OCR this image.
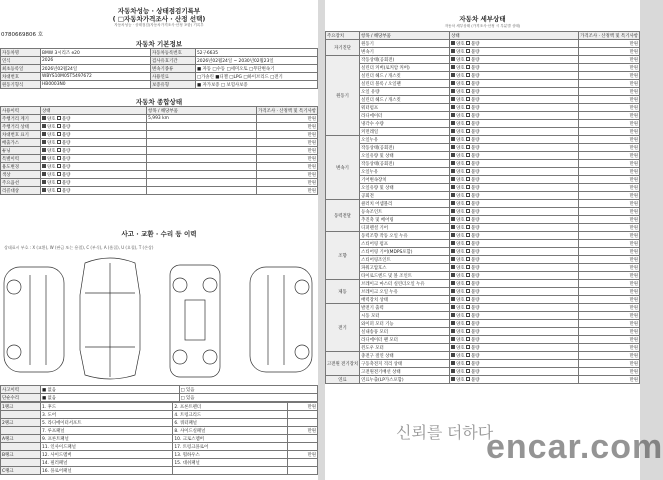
자동차성능 · 상태점검기록부
( □자동차가격조사 · 산정 선택)
자동차성능 · 상태점검(자동차가격조사·산정 포함) 기록부
0780669806 호
자동차 기본정보
자동차명	BMW 3시리즈 e20	자동차등록번호	52구6635
연식	2026	검사유효기간	2026년02월24일 ~ 2030년02월23일
최초등록일	2026년02월24일	변속기종류	■ 자동 □수동 □세미오토 □무단변속기
차대번호	WBYS10M05T5497672	사용연료	□가솔린 ■디젤 □LPG □하이브리드 □전기
원동기형식	HB0003N0	보증유형	■ 자가보증 □ 보험사보증
자동차 종합상태
사용이력	상태	항목 / 해당부품	가격조사 · 산정액 및 특기사항
주행거리 계기	양호 불량	5,993 km	만원
주행거리 상태	양호 불량		만원
차대번호 표기	양호 불량		만원
배출가스	양호 불량		만원
튜닝	양호 불량		만원
특별이력	양호 불량		만원
용도변경	양호 불량		만원
색상	양호 불량		만원
주요옵션	양호 불량		만원
리콜대상	양호 불량		만원
사고 · 교환 · 수리 등 이력
상태표시 부호 : X (교환), W (판금 또는 용접), C (부식), A (흠집), U (요철), T (손상)
사고이력	■ 없음	□ 있음
단순수리	■ 없음	□ 있음
1랭크	1. 후드	2. 프론트펜더	만원
	3. 도어	4. 트렁크리드	
2랭크	5. 라디에이터서포트	6. 쿼터패널	
	7. 루프패널	8. 사이드실패널	만원
A랭크	9. 프론트패널	10. 크로스멤버	
	11. 인사이드패널	17. 트렁크플로어	
B랭크	12. 사이드멤버	13. 휠하우스	만원
	14. 필러패널	15. 대쉬패널	
C랭크	16. 플로어패널		
자동차 세부상태
자동차 세부상태 (가격조사·산정 시 부분별 상태)
주요장치	항목 / 해당부품	상태	가격조사 · 산정액 및 특기사항
자기진단	원동기	양호 불량	만원
	변속기	양호 불량	만원
원동기	작동상태(공회전)	양호 불량	만원
	실린더 커버(로커암 커버)	양호 불량	만원
	실린더 헤드 / 개스킷	양호 불량	만원
	실린더 블록 / 오일팬	양호 불량	만원
	오일 유량	양호 불량	만원
	실린더 헤드 / 개스킷	양호 불량	만원
	워터펌프	양호 불량	만원
	라디에이터	양호 불량	만원
	냉각수 수량	양호 불량	만원
	커먼레일	양호 불량	만원
변속기	오일누유	양호 불량	만원
	작동상태(공회전)	양호 불량	만원
	오일유량 및 상태	양호 불량	만원
	작동상태(공회전)	양호 불량	만원
	오일누유	양호 불량	만원
	기어변속장치	양호 불량	만원
	오일유량 및 상태	양호 불량	만원
	공회전	양호 불량	만원
동력전달	클러치 어셈블리	양호 불량	만원
	등속조인트	양호 불량	만원
	추진축 및 베어링	양호 불량	만원
	디퍼렌셜 기어	양호 불량	만원
조향	동력조향 작동 오일 누유	양호 불량	만원
	스티어링 펌프	양호 불량	만원
	스티어링 기어(MDPS포함)	양호 불량	만원
	스티어링조인트	양호 불량	만원
	파워고압호스	양호 불량	만원
	타이로드엔드 및 볼 조인트	양호 불량	만원
제동	브레이크 마스터 실린더오일 누유	양호 불량	만원
	브레이크 오일 누유	양호 불량	만원
	배력장치 상태	양호 불량	만원
전기	발전기 출력	양호 불량	만원
	시동 모터	양호 불량	만원
	와이퍼 모터 기능	양호 불량	만원
	실내송풍 모터	양호 불량	만원
	라디에이터 팬 모터	양호 불량	만원
	윈도우 모터	양호 불량	만원
고전원 전기장치	충전구 절연 상태	양호 불량	만원
	구동축전지 격리 상태	양호 불량	만원
	고전원전기배선 상태	양호 불량	만원
연료	연료누출(LP가스포함)	양호 불량	만원
신뢰를 더하다
encar.com
